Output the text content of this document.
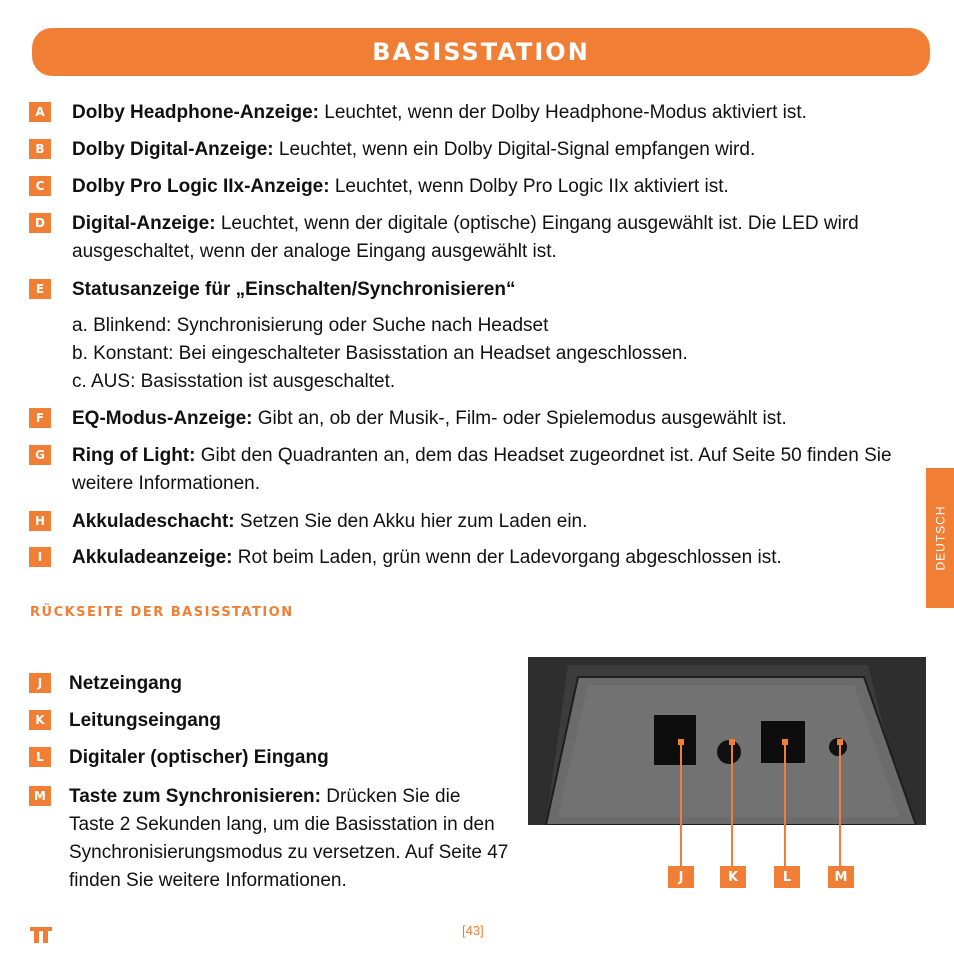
BASISSTATION
A	Dolby Headphone-Anzeige: Leuchtet, wenn der Dolby Headphone-Modus aktiviert ist.
B	Dolby Digital-Anzeige: Leuchtet, wenn ein Dolby Digital-Signal empfangen wird.
C	Dolby Pro Logic IIx-Anzeige: Leuchtet, wenn Dolby Pro Logic IIx aktiviert ist.
D	Digital-Anzeige: Leuchtet, wenn der digitale (optische) Eingang ausgewählt ist. Die LED wird ausgeschaltet, wenn der analoge Eingang ausgewählt ist.
E	Statusanzeige für „Einschalten/Synchronisieren“
a. Blinkend: Synchronisierung oder Suche nach Headset
b. Konstant: Bei eingeschalteter Basisstation an Headset angeschlossen.
c. AUS: Basisstation ist ausgeschaltet.
F	EQ-Modus-Anzeige: Gibt an, ob der Musik-, Film- oder Spielemodus ausgewählt ist.
G	Ring of Light: Gibt den Quadranten an, dem das Headset zugeordnet ist. Auf Seite 50 finden Sie weitere Informationen.
H	Akkuladeschacht: Setzen Sie den Akku hier zum Laden ein.
I	Akkuladeanzeige: Rot beim Laden, grün wenn der Ladevorgang abgeschlossen ist.
RÜCKSEITE DER BASISSTATION
DEUTSCH
J	Netzeingang
K	Leitungseingang
L	Digitaler (optischer) Eingang
M Taste zum Synchronisieren: Drücken Sie die Taste 2 Sekunden lang, um die Basisstation in den Synchronisierungsmodus zu versetzen. Auf Seite 47 finden Sie weitere Informationen.	J	K	L	M
[43]
